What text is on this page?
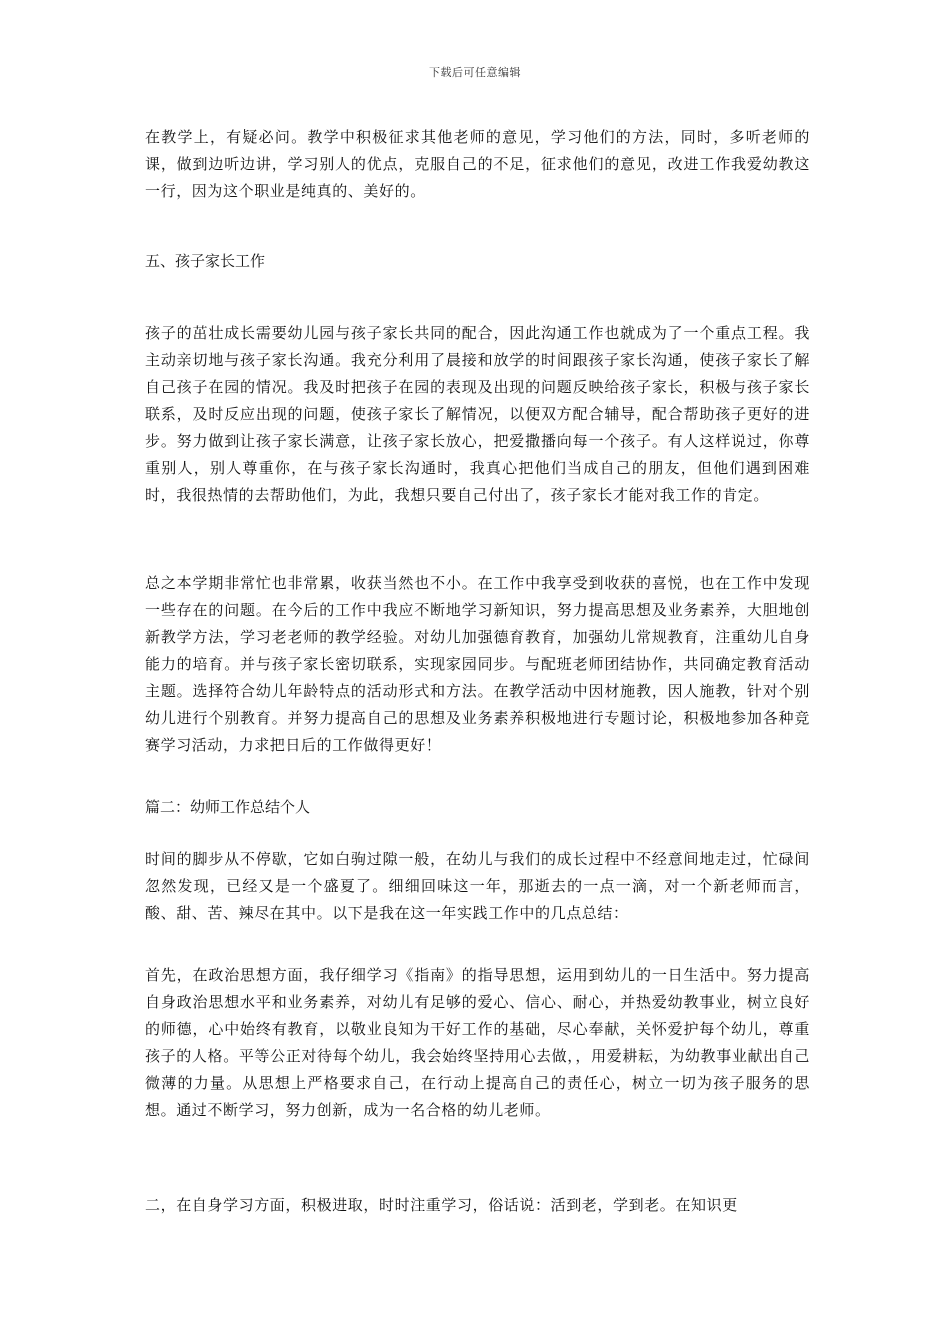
下载后可任意编辑

在教学上，有疑必问。教学中积极征求其他老师的意见，学习他们的方法，同时，多听老师的课，做到边听边讲，学习别人的优点，克服自己的不足，征求他们的意见，改进工作我爱幼教这一行，因为这个职业是纯真的、美好的。

五、孩子家长工作

孩子的茁壮成长需要幼儿园与孩子家长共同的配合，因此沟通工作也就成为了一个重点工程。我主动亲切地与孩子家长沟通。我充分利用了晨接和放学的时间跟孩子家长沟通，使孩子家长了解自己孩子在园的情况。我及时把孩子在园的表现及出现的问题反映给孩子家长，积极与孩子家长联系，及时反应出现的问题，使孩子家长了解情况，以便双方配合辅导，配合帮助孩子更好的进步。努力做到让孩子家长满意，让孩子家长放心，把爱撒播向每一个孩子。有人这样说过，你尊重别人，别人尊重你，在与孩子家长沟通时，我真心把他们当成自己的朋友，但他们遇到困难时，我很热情的去帮助他们，为此，我想只要自己付出了，孩子家长才能对我工作的肯定。

总之本学期非常忙也非常累，收获当然也不小。在工作中我享受到收获的喜悦，也在工作中发现一些存在的问题。在今后的工作中我应不断地学习新知识，努力提高思想及业务素养，大胆地创新教学方法，学习老老师的教学经验。对幼儿加强德育教育，加强幼儿常规教育，注重幼儿自身能力的培育。并与孩子家长密切联系，实现家园同步。与配班老师团结协作，共同确定教育活动主题。选择符合幼儿年龄特点的活动形式和方法。在教学活动中因材施教，因人施教，针对个别幼儿进行个别教育。并努力提高自己的思想及业务素养积极地进行专题讨论，积极地参加各种竞赛学习活动，力求把日后的工作做得更好！

篇二：幼师工作总结个人

时间的脚步从不停歇，它如白驹过隙一般，在幼儿与我们的成长过程中不经意间地走过，忙碌间忽然发现，已经又是一个盛夏了。细细回味这一年，那逝去的一点一滴，对一个新老师而言，酸、甜、苦、辣尽在其中。以下是我在这一年实践工作中的几点总结：

首先，在政治思想方面，我仔细学习《指南》的指导思想，运用到幼儿的一日生活中。努力提高自身政治思想水平和业务素养，对幼儿有足够的爱心、信心、耐心，并热爱幼教事业，树立良好的师德，心中始终有教育，以敬业良知为干好工作的基础，尽心奉献，关怀爱护每个幼儿，尊重孩子的人格。平等公正对待每个幼儿，我会始终坚持用心去做，，用爱耕耘，为幼教事业献出自己微薄的力量。从思想上严格要求自己，在行动上提高自己的责任心，树立一切为孩子服务的思想。通过不断学习，努力创新，成为一名合格的幼儿老师。

二，在自身学习方面，积极进取，时时注重学习，俗话说：活到老，学到老。在知识更
